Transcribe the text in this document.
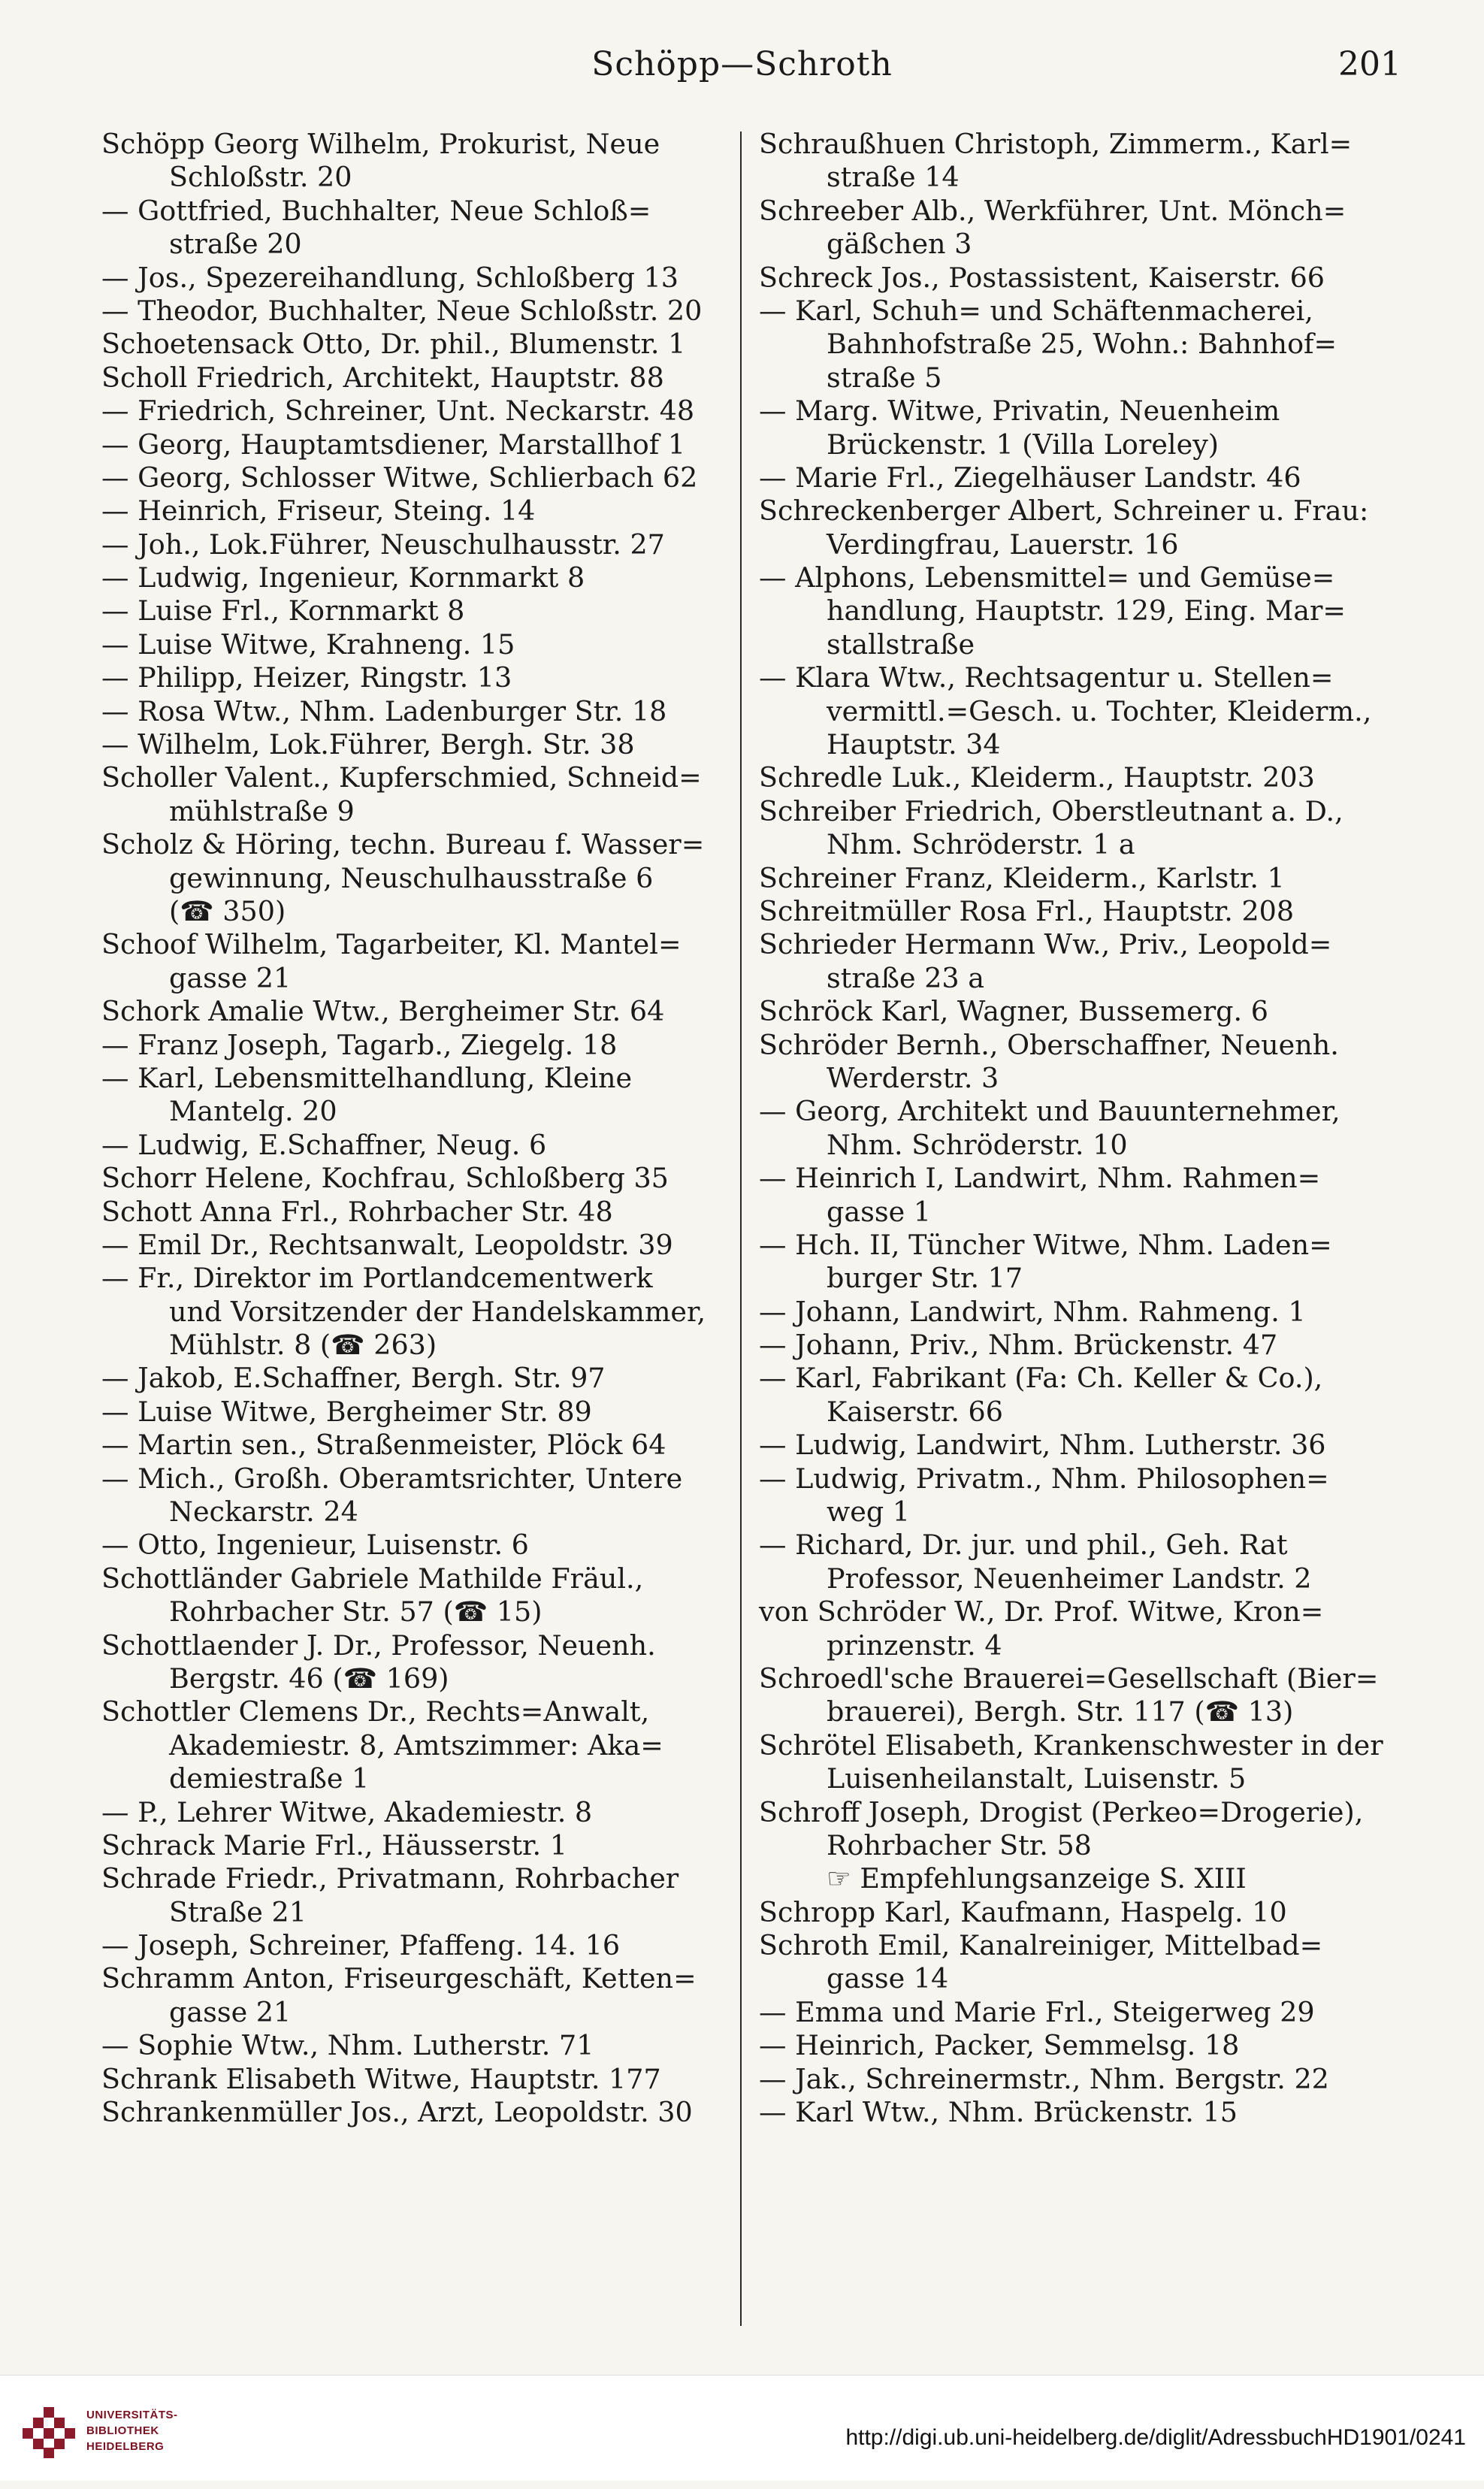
Schöpp—Schroth	201
Schöpp Georg Wilhelm, Prokurist, Neue
Schloßstr. 20
— Gottfried, Buchhalter, Neue Schloß=
straße 20
— Jos., Spezereihandlung, Schloßberg 13
— Theodor, Buchhalter, Neue Schloßstr. 20
Schoetensack Otto, Dr. phil., Blumenstr. 1
Scholl Friedrich, Architekt, Hauptstr. 88
— Friedrich, Schreiner, Unt. Neckarstr. 48
— Georg, Hauptamtsdiener, Marstallhof 1
— Georg, Schlosser Witwe, Schlierbach 62
— Heinrich, Friseur, Steing. 14
— Joh., Lok.Führer, Neuschulhausstr. 27
— Ludwig, Ingenieur, Kornmarkt 8
— Luise Frl., Kornmarkt 8
— Luise Witwe, Krahneng. 15
— Philipp, Heizer, Ringstr. 13
— Rosa Wtw., Nhm. Ladenburger Str. 18
— Wilhelm, Lok.Führer, Bergh. Str. 38
Scholler Valent., Kupferschmied, Schneid=
mühlstraße 9
Scholz & Höring, techn. Bureau f. Wasser=
gewinnung, Neuschulhausstraße 6
(☎ 350)
Schoof Wilhelm, Tagarbeiter, Kl. Mantel=
gasse 21
Schork Amalie Wtw., Bergheimer Str. 64
— Franz Joseph, Tagarb., Ziegelg. 18
— Karl, Lebensmittelhandlung, Kleine
Mantelg. 20
— Ludwig, E.Schaffner, Neug. 6
Schorr Helene, Kochfrau, Schloßberg 35
Schott Anna Frl., Rohrbacher Str. 48
— Emil Dr., Rechtsanwalt, Leopoldstr. 39
— Fr., Direktor im Portlandcementwerk
und Vorsitzender der Handelskammer,
Mühlstr. 8 (☎ 263)
— Jakob, E.Schaffner, Bergh. Str. 97
— Luise Witwe, Bergheimer Str. 89
— Martin sen., Straßenmeister, Plöck 64
— Mich., Großh. Oberamtsrichter, Untere
Neckarstr. 24
— Otto, Ingenieur, Luisenstr. 6
Schottländer Gabriele Mathilde Fräul.,
Rohrbacher Str. 57 (☎ 15)
Schottlaender J. Dr., Professor, Neuenh.
Bergstr. 46 (☎ 169)
Schottler Clemens Dr., Rechts=Anwalt,
Akademiestr. 8, Amtszimmer: Aka=
demiestraße 1
— P., Lehrer Witwe, Akademiestr. 8
Schrack Marie Frl., Häusserstr. 1
Schrade Friedr., Privatmann, Rohrbacher
Straße 21
— Joseph, Schreiner, Pfaffeng. 14. 16
Schramm Anton, Friseurgeschäft, Ketten=
gasse 21
— Sophie Wtw., Nhm. Lutherstr. 71
Schrank Elisabeth Witwe, Hauptstr. 177
Schrankenmüller Jos., Arzt, Leopoldstr. 30
Schraußhuen Christoph, Zimmerm., Karl=
straße 14
Schreeber Alb., Werkführer, Unt. Mönch=
gäßchen 3
Schreck Jos., Postassistent, Kaiserstr. 66
— Karl, Schuh= und Schäftenmacherei,
Bahnhofstraße 25, Wohn.: Bahnhof=
straße 5
— Marg. Witwe, Privatin, Neuenheim
Brückenstr. 1 (Villa Loreley)
— Marie Frl., Ziegelhäuser Landstr. 46
Schreckenberger Albert, Schreiner u. Frau:
Verdingfrau, Lauerstr. 16
— Alphons, Lebensmittel= und Gemüse=
handlung, Hauptstr. 129, Eing. Mar=
stallstraße
— Klara Wtw., Rechtsagentur u. Stellen=
vermittl.=Gesch. u. Tochter, Kleiderm.,
Hauptstr. 34
Schredle Luk., Kleiderm., Hauptstr. 203
Schreiber Friedrich, Oberstleutnant a. D.,
Nhm. Schröderstr. 1 a
Schreiner Franz, Kleiderm., Karlstr. 1
Schreitmüller Rosa Frl., Hauptstr. 208
Schrieder Hermann Ww., Priv., Leopold=
straße 23 a
Schröck Karl, Wagner, Bussemerg. 6
Schröder Bernh., Oberschaffner, Neuenh.
Werderstr. 3
— Georg, Architekt und Bauunternehmer,
Nhm. Schröderstr. 10
— Heinrich I, Landwirt, Nhm. Rahmen=
gasse 1
— Hch. II, Tüncher Witwe, Nhm. Laden=
burger Str. 17
— Johann, Landwirt, Nhm. Rahmeng. 1
— Johann, Priv., Nhm. Brückenstr. 47
— Karl, Fabrikant (Fa: Ch. Keller & Co.),
Kaiserstr. 66
— Ludwig, Landwirt, Nhm. Lutherstr. 36
— Ludwig, Privatm., Nhm. Philosophen=
weg 1
— Richard, Dr. jur. und phil., Geh. Rat
Professor, Neuenheimer Landstr. 2
von Schröder W., Dr. Prof. Witwe, Kron=
prinzenstr. 4
Schroedl'sche Brauerei=Gesellschaft (Bier=
brauerei), Bergh. Str. 117 (☎ 13)
Schrötel Elisabeth, Krankenschwester in der
Luisenheilanstalt, Luisenstr. 5
Schroff Joseph, Drogist (Perkeo=Drogerie),
Rohrbacher Str. 58
☞ Empfehlungsanzeige S. XIII
Schropp Karl, Kaufmann, Haspelg. 10
Schroth Emil, Kanalreiniger, Mittelbad=
gasse 14
— Emma und Marie Frl., Steigerweg 29
— Heinrich, Packer, Semmelsg. 18
— Jak., Schreinermstr., Nhm. Bergstr. 22
— Karl Wtw., Nhm. Brückenstr. 15
UNIVERSITÄTS-
BIBLIOTHEK
HEIDELBERG	http://digi.ub.uni-heidelberg.de/diglit/AdressbuchHD1901/0241
